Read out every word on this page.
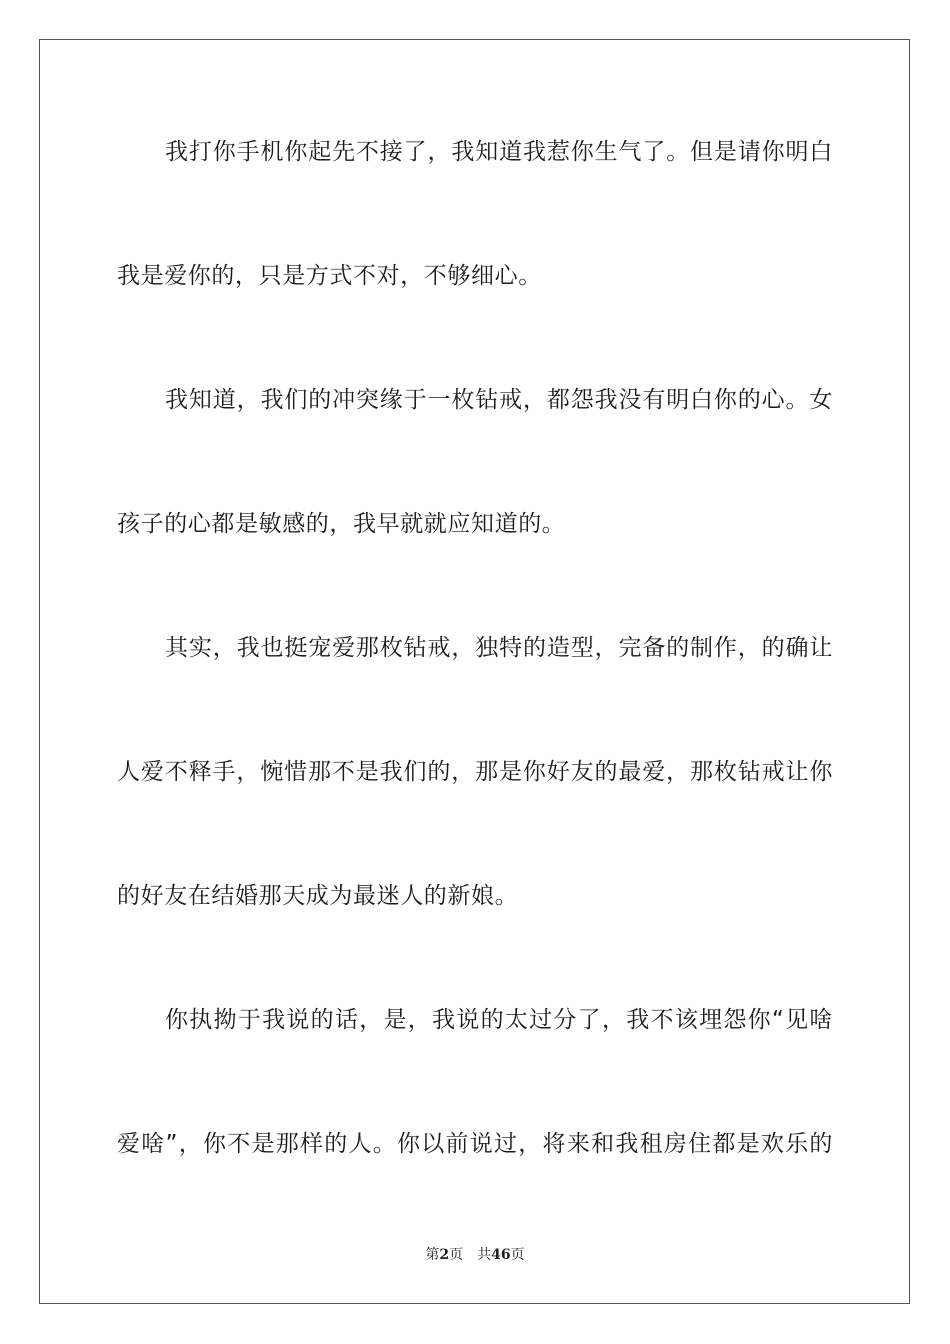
我打你手机你起先不接了，我知道我惹你生气了。但是请你明白
我是爱你的，只是方式不对，不够细心。
我知道，我们的冲突缘于一枚钻戒，都怨我没有明白你的心。女
孩子的心都是敏感的，我早就就应知道的。
其实，我也挺宠爱那枚钻戒，独特的造型，完备的制作，的确让
人爱不释手，惋惜那不是我们的，那是你好友的最爱，那枚钻戒让你
的好友在结婚那天成为最迷人的新娘。
你执拗于我说的话，是，我说的太过分了，我不该埋怨你“见啥
爱啥”，你不是那样的人。你以前说过，将来和我租房住都是欢乐的
第2页 共46页
